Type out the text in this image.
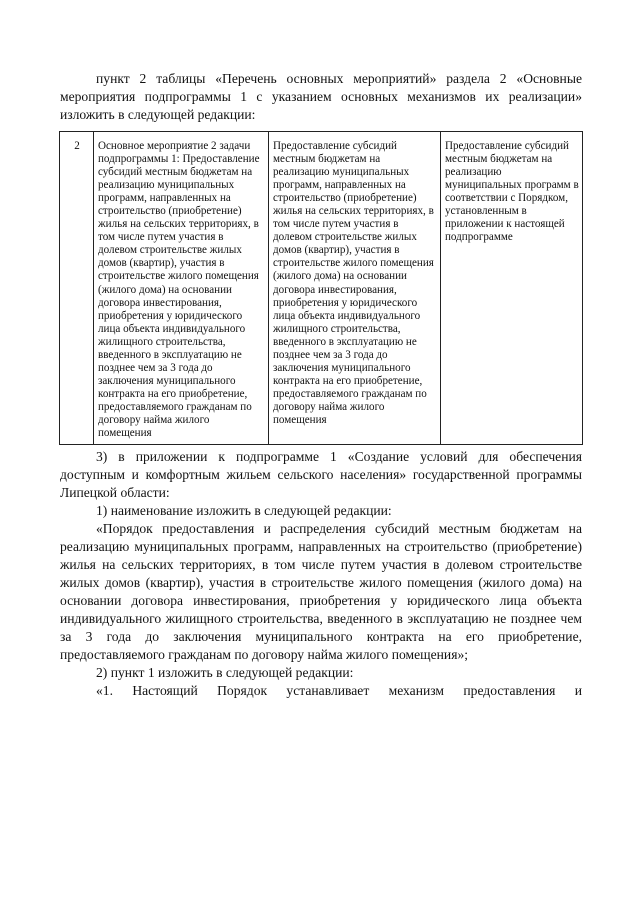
пункт 2 таблицы «Перечень основных мероприятий» раздела 2 «Основные мероприятия подпрограммы 1 с указанием основных механизмов их реализации» изложить в следующей редакции:

2	Основное мероприятие 2 задачи подпрограммы 1: Предоставление субсидий местным бюджетам на реализацию муниципальных программ, направленных на строительство (приобретение) жилья на сельских территориях, в том числе путем участия в долевом строительстве жилых домов (квартир), участия в строительстве жилого помещения (жилого дома) на основании договора инвестирования, приобретения у юридического лица объекта индивидуального жилищного строительства, введенного в эксплуатацию не позднее чем за 3 года до заключения муниципального контракта на его приобретение, предоставляемого гражданам по договору найма жилого помещения	Предоставление субсидий местным бюджетам на реализацию муниципальных программ, направленных на строительство (приобретение) жилья на сельских территориях, в том числе путем участия в долевом строительстве жилых домов (квартир), участия в строительстве жилого помещения (жилого дома) на основании договора инвестирования, приобретения у юридического лица объекта индивидуального жилищного строительства, введенного в эксплуатацию не позднее чем за 3 года до заключения муниципального контракта на его приобретение, предоставляемого гражданам по договору найма жилого помещения	Предоставление субсидий местным бюджетам на реализацию муниципальных программ в соответствии с Порядком, установленным в приложении к настоящей подпрограмме

3) в приложении к подпрограмме 1 «Создание условий для обеспечения доступным и комфортным жильем сельского населения» государственной программы Липецкой области:

1) наименование изложить в следующей редакции:

«Порядок предоставления и распределения субсидий местным бюджетам на реализацию муниципальных программ, направленных на строительство (приобретение) жилья на сельских территориях, в том числе путем участия в долевом строительстве жилых домов (квартир), участия в строительстве жилого помещения (жилого дома) на основании договора инвестирования, приобретения у юридического лица объекта индивидуального жилищного строительства, введенного в эксплуатацию не позднее чем за 3 года до заключения муниципального контракта на его приобретение, предоставляемого гражданам по договору найма жилого помещения»;

2) пункт 1 изложить в следующей редакции:

«1. Настоящий Порядок устанавливает механизм предоставления и
